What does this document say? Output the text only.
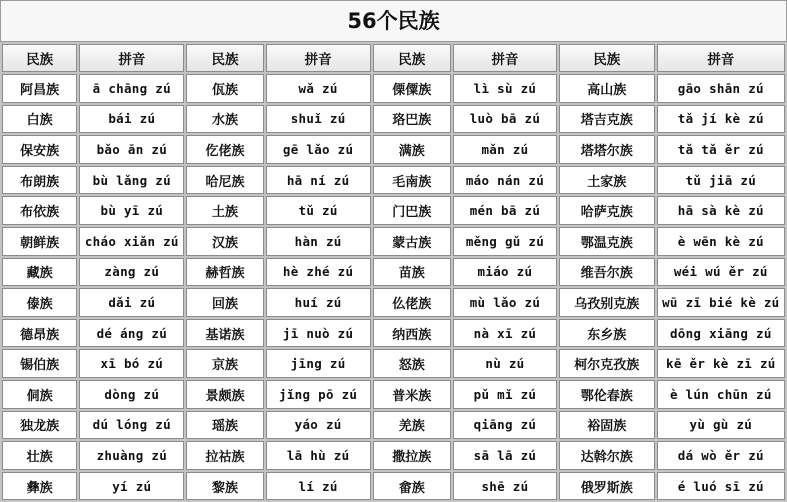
56个民族
民族	拼音	民族	拼音	民族	拼音	民族	拼音
阿昌族	ā chāng zú	佤族	wǎ zú	傈僳族	lì sù zú	高山族	gāo shān zú
白族	bái zú	水族	shuǐ zú	珞巴族	luò bā zú	塔吉克族	tǎ jí kè zú
保安族	bǎo ān zú	仡佬族	gē lǎo zú	满族	mǎn zú	塔塔尔族	tǎ tǎ ěr zú
布朗族	bù lǎng zú	哈尼族	hā ní zú	毛南族	máo nán zú	土家族	tǔ jiā zú
布依族	bù yī zú	土族	tǔ zú	门巴族	mén bā zú	哈萨克族	hā sà kè zú
朝鲜族	cháo xiǎn zú	汉族	hàn zú	蒙古族	měng gǔ zú	鄂温克族	è wēn kè zú
藏族	zàng zú	赫哲族	hè zhé zú	苗族	miáo zú	维吾尔族	wéi wú ěr zú
傣族	dǎi zú	回族	huí zú	仫佬族	mù lǎo zú	乌孜别克族	wū zī bié kè zú
德昂族	dé áng zú	基诺族	jī nuò zú	纳西族	nà xī zú	东乡族	dōng xiāng zú
锡伯族	xī bó zú	京族	jīng zú	怒族	nù zú	柯尔克孜族	kē ěr kè zī zú
侗族	dòng zú	景颇族	jǐng pō zú	普米族	pǔ mǐ zú	鄂伦春族	è lún chūn zú
独龙族	dú lóng zú	瑶族	yáo zú	羌族	qiāng zú	裕固族	yù gù zú
壮族	zhuàng zú	拉祜族	lā hù zú	撒拉族	sā lā zú	达斡尔族	dá wò ěr zú
彝族	yí zú	黎族	lí zú	畲族	shē zú	俄罗斯族	é luó sī zú
